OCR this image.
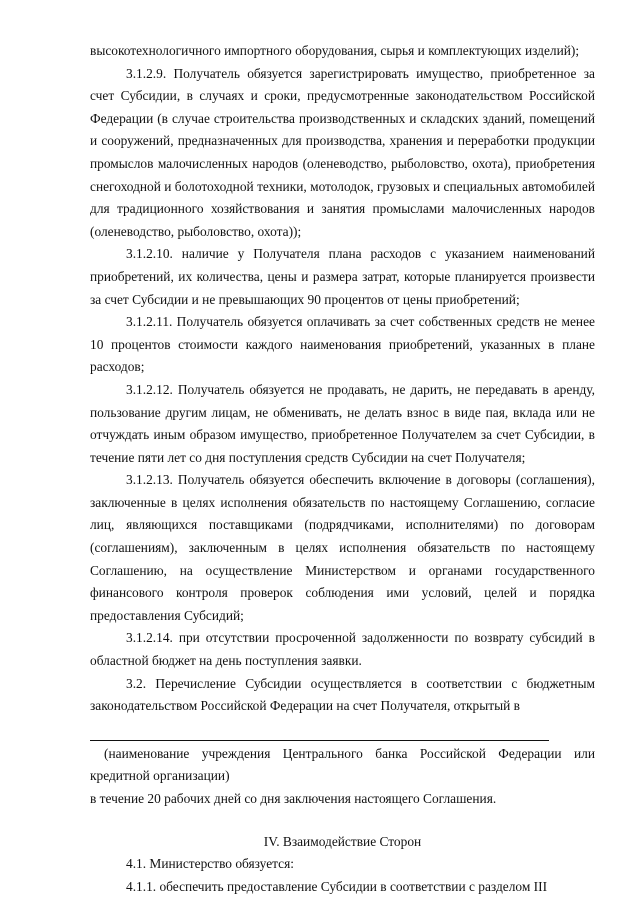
высокотехнологичного импортного оборудования, сырья и комплектующих изделий);

3.1.2.9. Получатель обязуется зарегистрировать имущество, приобретенное за счет Субсидии, в случаях и сроки, предусмотренные законодательством Российской Федерации (в случае строительства производственных и складских зданий, помещений и сооружений, предназначенных для производства, хранения и переработки продукции промыслов малочисленных народов (оленеводство, рыболовство, охота), приобретения снегоходной и болотоходной техники, мотолодок, грузовых и специальных автомобилей для традиционного хозяйствования и занятия промыслами малочисленных народов (оленеводство, рыболовство, охота));

3.1.2.10. наличие у Получателя плана расходов с указанием наименований приобретений, их количества, цены и размера затрат, которые планируется произвести за счет Субсидии и не превышающих 90 процентов от цены приобретений;

3.1.2.11. Получатель обязуется оплачивать за счет собственных средств не менее 10 процентов стоимости каждого наименования приобретений, указанных в плане расходов;

3.1.2.12. Получатель обязуется не продавать, не дарить, не передавать в аренду, пользование другим лицам, не обменивать, не делать взнос в виде пая, вклада или не отчуждать иным образом имущество, приобретенное Получателем за счет Субсидии, в течение пяти лет со дня поступления средств Субсидии на счет Получателя;

3.1.2.13. Получатель обязуется обеспечить включение в договоры (соглашения), заключенные в целях исполнения обязательств по настоящему Соглашению, согласие лиц, являющихся поставщиками (подрядчиками, исполнителями) по договорам (соглашениям), заключенным в целях исполнения обязательств по настоящему Соглашению, на осуществление Министерством и органами государственного финансового контроля проверок соблюдения ими условий, целей и порядка предоставления Субсидий;

3.1.2.14. при отсутствии просроченной задолженности по возврату субсидий в областной бюджет на день поступления заявки.

3.2. Перечисление Субсидии осуществляется в соответствии с бюджетным законодательством Российской Федерации на счет Получателя, открытый в

(наименование учреждения Центрального банка Российской Федерации или кредитной организации)

в течение 20 рабочих дней со дня заключения настоящего Соглашения.

IV. Взаимодействие Сторон

4.1. Министерство обязуется:

4.1.1. обеспечить предоставление Субсидии в соответствии с разделом III
